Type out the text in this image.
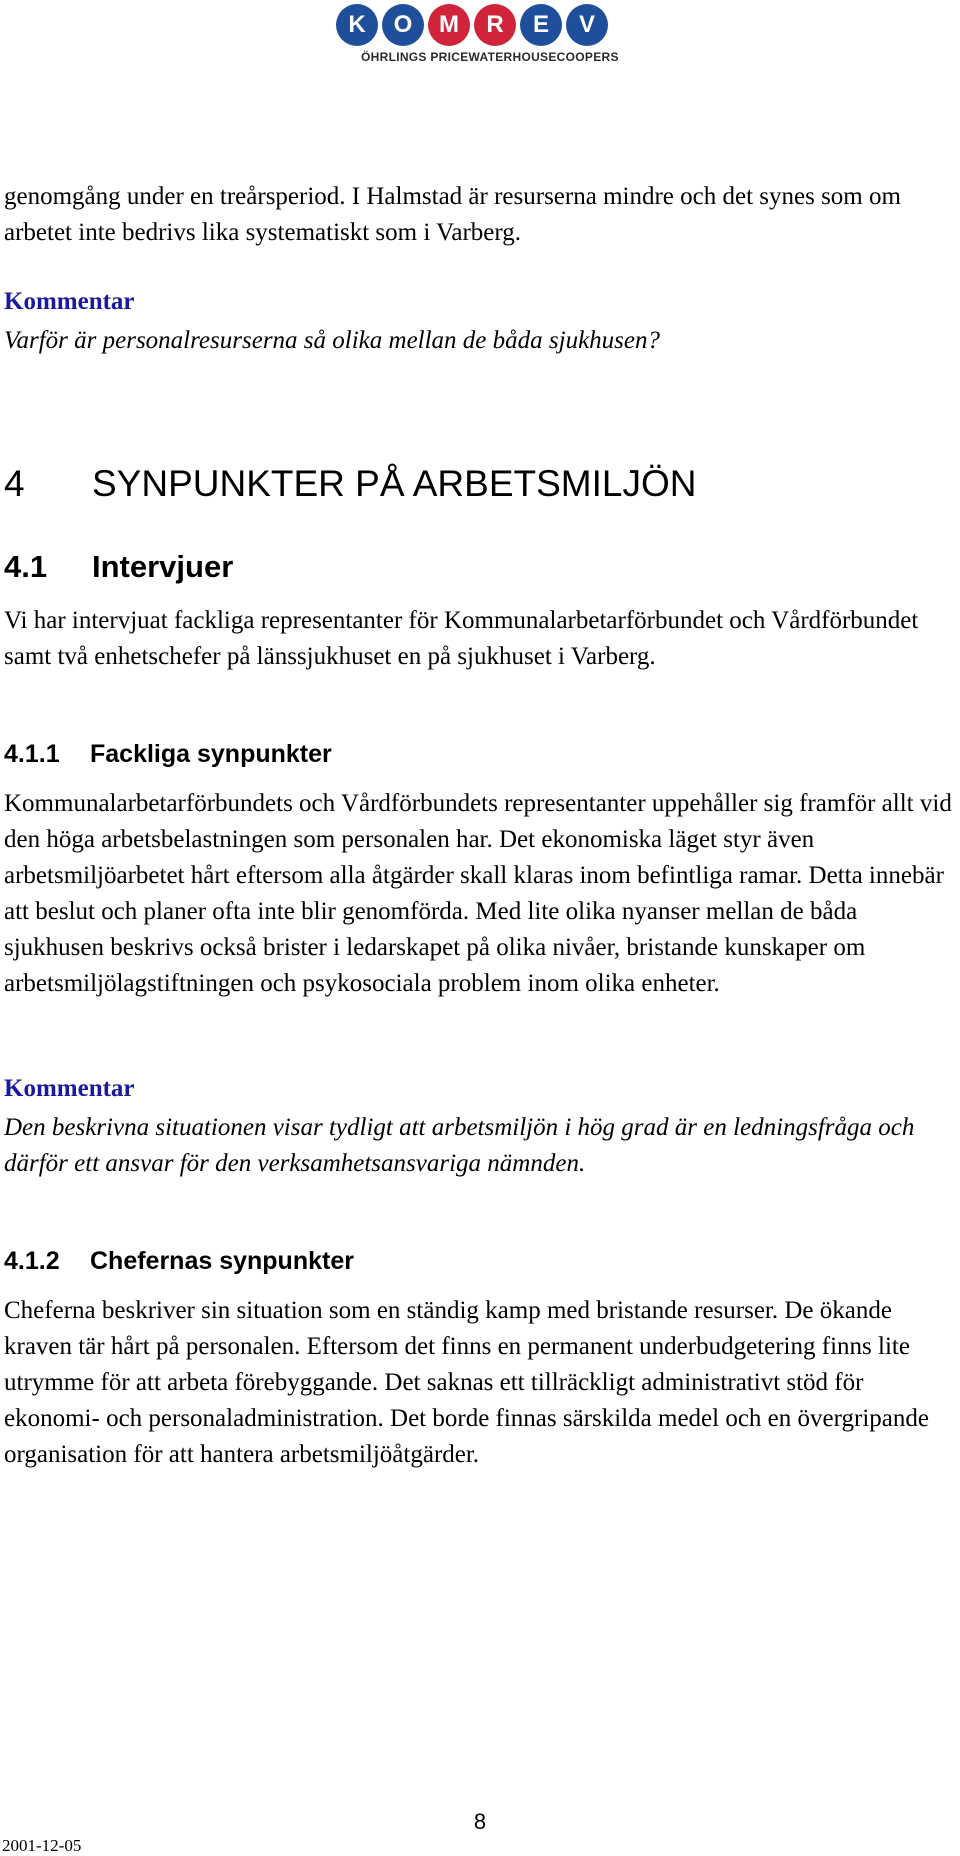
K	O	M	R	E	V
ÖHRLINGS PRICEWATERHOUSECOOPERS

genomgång under en treårsperiod. I Halmstad är resurserna mindre och det synes som om arbetet inte bedrivs lika systematiskt som i Varberg.

Kommentar

Varför är personalresurserna så olika mellan de båda sjukhusen?

4 SYNPUNKTER PÅ ARBETSMILJÖN
4.1 Intervjuer

Vi har intervjuat fackliga representanter för Kommunalarbetarförbundet och Vårdförbundet samt två enhetschefer på länssjukhuset en på sjukhuset i Varberg.

4.1.1 Fackliga synpunkter

Kommunalarbetarförbundets och Vårdförbundets representanter uppehåller sig framför allt vid den höga arbetsbelastningen som personalen har. Det ekonomiska läget styr även arbetsmiljöarbetet hårt eftersom alla åtgärder skall klaras inom befintliga ramar. Detta innebär att beslut och planer ofta inte blir genomförda. Med lite olika nyanser mellan de båda sjukhusen beskrivs också brister i ledarskapet på olika nivåer, bristande kunskaper om arbetsmiljölagstiftningen och psykosociala problem inom olika enheter.

Kommentar

Den beskrivna situationen visar tydligt att arbetsmiljön i hög grad är en ledningsfråga och därför ett ansvar för den verksamhetsansvariga nämnden.

4.1.2 Chefernas synpunkter

Cheferna beskriver sin situation som en ständig kamp med bristande resurser. De ökande kraven tär hårt på personalen. Eftersom det finns en permanent underbudgetering finns lite utrymme för att arbeta förebyggande. Det saknas ett tillräckligt administrativt stöd för ekonomi- och personaladministration. Det borde finnas särskilda medel och en övergripande organisation för att hantera arbetsmiljöåtgärder.

8
2001-12-05
